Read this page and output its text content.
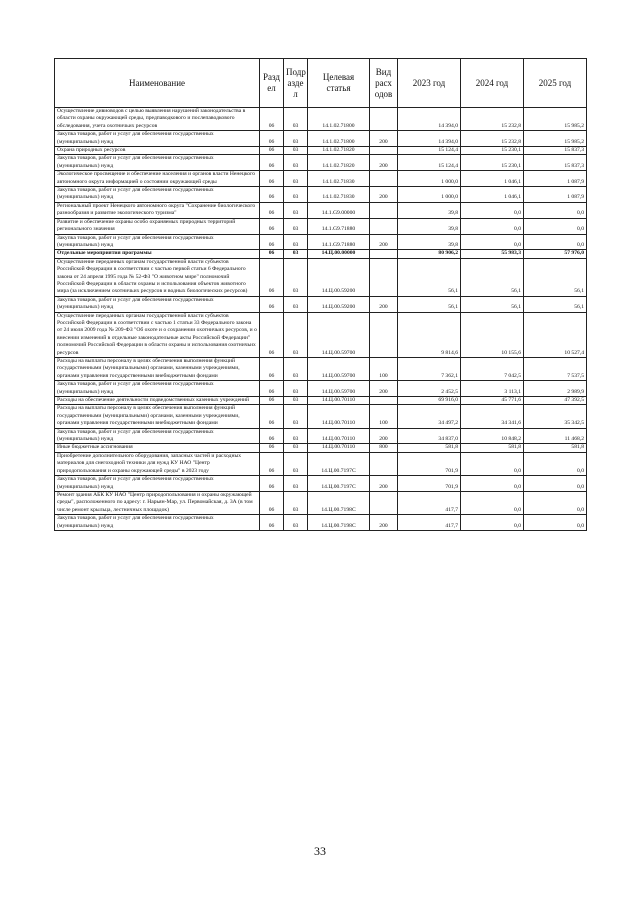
Наименование	Разд ел	Подр азде л	Целевая статья	Вид расх одов	2023 год	2024 год	2025 год
Осуществление дивиоводов с целью выявления нарушений законодательства в области охраны окружающей среды, предпаводкового и послепаводкового обследования, учета охотничьих ресурсов	06	03	14.1.02.71800		14 394,0	15 232,8	15 985,2
Закупка товаров, работ и услуг для обеспечения государственных (муниципальных) нужд	06	03	14.1.02.71800	200	14 394,0	15 232,8	15 985,2
Охрана природных ресурсов	06	03	14.1.02.71820		15 124,4	15 230,1	15 837,3
Закупка товаров, работ и услуг для обеспечения государственных (муниципальных) нужд	06	03	14.1.02.71820	200	15 124,4	15 230,1	15 837,3
Экологическое просвещение и обеспечение населения и органов власти Ненецкого автономного округа информацией о состоянии окружающей среды	06	03	14.1.02.71830		1 000,0	1 046,1	1 087,9
Закупка товаров, работ и услуг для обеспечения государственных (муниципальных) нужд	06	03	14.1.02.71830	200	1 000,0	1 046,1	1 087,9
Региональный проект Ненецкого автономного округа "Сохранение биологического разнообразия и развитие экологического туризма"	06	03	14.1.G9.00000		39,8	0,0	0,0
Развитие и обеспечение охраны особо охраняемых природных территорий регионального значения	06	03	14.1.G9.71880		39,8	0,0	0,0
Закупка товаров, работ и услуг для обеспечения государственных (муниципальных) нужд	06	03	14.1.G9.71880	200	39,8	0,0	0,0
Отдельные мероприятия программы	06	03	14.Ц.00.00000		80 906,2	55 983,3	57 976,0
Осуществление переданных органам государственной власти субъектов Российской Федерации в соответствии с частью первой статьи 6 Федерального закона от 24 апреля 1995 года № 52-ФЗ "О животном мире" полномочий Российской Федерации в области охраны и использования объектов животного мира (за исключением охотничьих ресурсов и водных биологических ресурсов)	06	03	14.Ц.00.59200		56,1	56,1	56,1
Закупка товаров, работ и услуг для обеспечения государственных (муниципальных) нужд	06	03	14.Ц.00.59200	200	56,1	56,1	56,1
Осуществление переданных органам государственной власти субъектов Российской Федерации в соответствии с частью 1 статьи 33 Федерального закона от 24 июля 2009 года № 209-ФЗ "Об охоте и о сохранении охотничьих ресурсов, и о внесении изменений в отдельные законодательные акты Российской Федерации" полномочий Российской Федерации в области охраны и использования охотничьих ресурсов	06	03	14.Ц.00.59700		9 814,6	10 155,6	10 527,4
Расходы на выплаты персоналу в целях обеспечения выполнения функций государственными (муниципальными) органами, казенными учреждениями, органами управления государственными внебюджетными фондами	06	03	14.Ц.00.59700	100	7 362,1	7 042,5	7 537,5
Закупка товаров, работ и услуг для обеспечения государственных (муниципальных) нужд	06	03	14.Ц.00.59700	200	2 452,5	3 113,1	2 989,9
Расходы на обеспечение деятельности подведомственных казенных учреждений	06	03	14.Ц.00.70110		69 916,0	45 771,6	47 392,5
Расходы на выплаты персоналу в целях обеспечения выполнения функций государственными (муниципальными) органами, казенными учреждениями, органами управления государственными внебюджетными фондами	06	03	14.Ц.00.70110	100	34 497,2	34 341,6	35 342,5
Закупка товаров, работ и услуг для обеспечения государственных (муниципальных) нужд	06	03	14.Ц.00.70110	200	34 837,0	10 848,2	11 468,2
Иные бюджетные ассигнования	06	03	14.Ц.00.70110	800	581,8	581,8	581,8
Приобретение дополнительного оборудования, запасных частей и расходных материалов для снегоходной техники для нужд КУ НАО "Центр природопользования и охраны окружающей среды" в 2023 году	06	03	14.Ц.00.7197С		701,9	0,0	0,0
Закупка товаров, работ и услуг для обеспечения государственных (муниципальных) нужд	06	03	14.Ц.00.7197С	200	701,9	0,0	0,0
Ремонт здания АБК КУ НАО "Центр природопользования и охраны окружающей среды", расположенного по адресу: г. Нарьян-Мар, ул. Первомайская, д. 3А (в том числе ремонт крыльца, лестничных площадок)	06	03	14.Ц.00.7198С		417,7	0,0	0,0
Закупка товаров, работ и услуг для обеспечения государственных (муниципальных) нужд	06	03	14.Ц.00.7198С	200	417,7	0,0	0,0
33
